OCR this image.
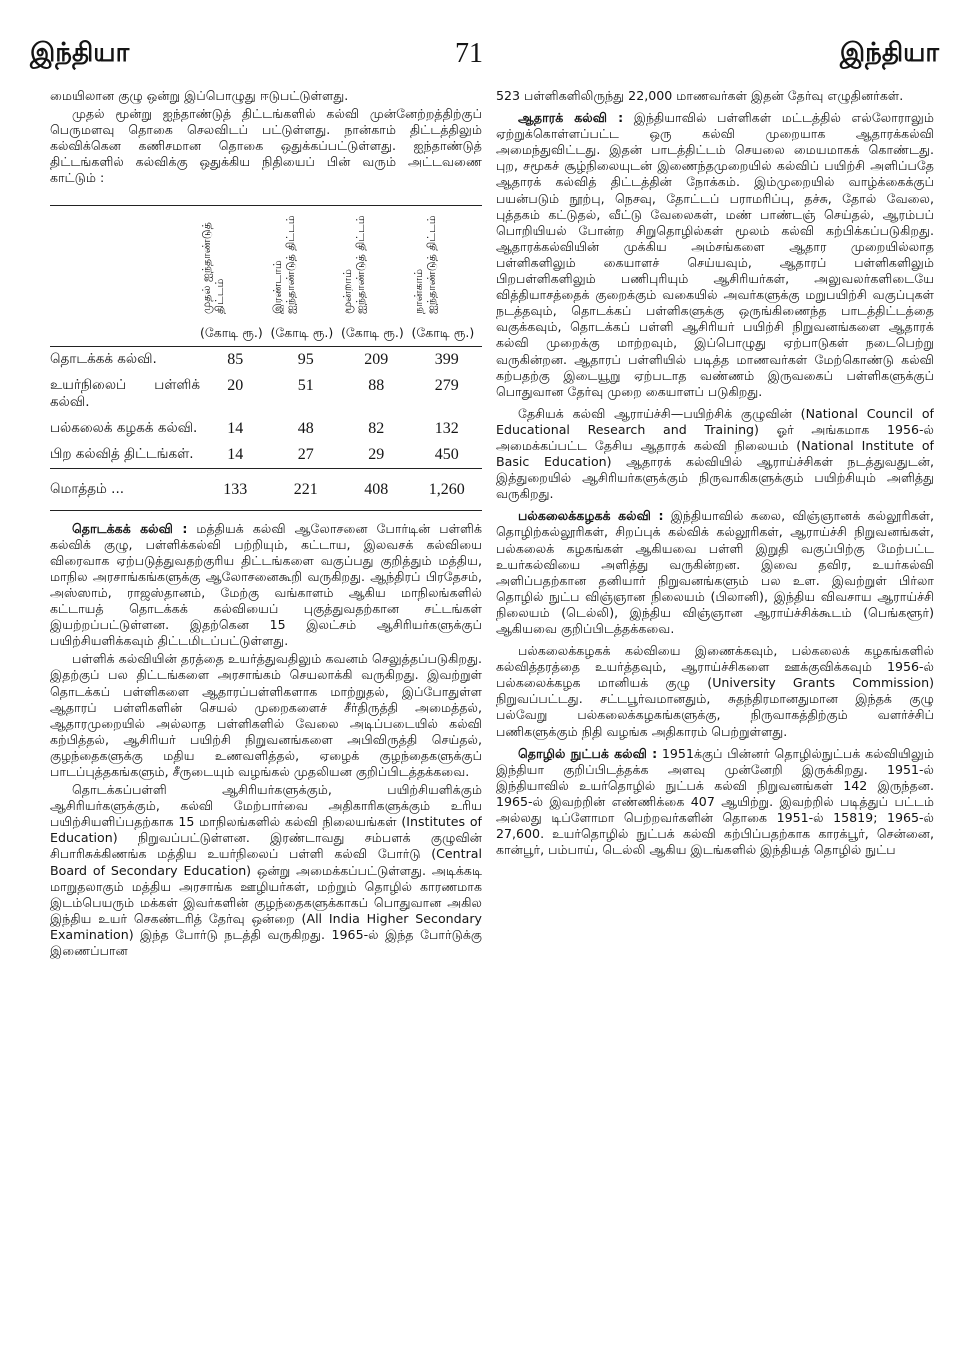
இந்தியா	71	இந்தியா

மையிலான குழு ஒன்று இப்பொழுது ஈடுபட்டுள்ளது.

முதல் மூன்று ஐந்தாண்டுத் திட்டங்களில் கல்வி முன்னேற்றத்திற்குப் பெருமளவு தொகை செலவிடப் பட்டுள்ளது. நான்காம் திட்டத்திலும் கல்விக்கென கணிசமான தொகை ஒதுக்கப்பட்டுள்ளது. ஐந்தாண்டுத் திட்டங்களில் கல்விக்கு ஒதுக்கிய நிதியைப் பின் வரும் அட்டவணை காட்டும் :

	முதல் ஐந்தாண்டுத் திட்டம்	இரண்டாம் ஐந்தாண்டுத் திட்டம்	மூன்றாம் ஐந்தாண்டுத் திட்டம்	நான்காம் ஐந்தாண்டுத் திட்டம்
	(கோடி ரூ.)	(கோடி ரூ.)	(கோடி ரூ.)	(கோடி ரூ.)
தொடக்கக் கல்வி.	85	95	209	399
உயர்நிலைப் பள்ளிக் கல்வி.	20	51	88	279
பல்கலைக் கழகக் கல்வி.	14	48	82	132
பிற கல்வித் திட்டங்கள்.	14	27	29	450
மொத்தம் ...	133	221	408	1,260

தொடக்கக் கல்வி : மத்தியக் கல்வி ஆலோசனை போர்டின் பள்ளிக் கல்விக் குழு, பள்ளிக்கல்வி பற்றியும், கட்டாய, இலவசக் கல்வியை விரைவாக ஏற்படுத்துவதற்குரிய திட்டங்களை வகுப்பது குறித்தும் மத்திய, மாநில அரசாங்கங்களுக்கு ஆலோசனைகூறி வருகிறது. ஆந்திரப் பிரதேசம், அஸ்ஸாம், ராஜஸ்தானம், மேற்கு வங்காளம் ஆகிய மாநிலங்களில் கட்டாயத் தொடக்கக் கல்வியைப் புகுத்துவதற்கான சட்டங்கள் இயற்றப்பட்டுள்ளன. இதற்கென 15 இலட்சம் ஆசிரியர்களுக்குப் பயிற்சியளிக்கவும் திட்டமிடப்பட்டுள்ளது.

பள்ளிக் கல்வியின் தரத்தை உயர்த்துவதிலும் கவனம் செலுத்தப்படுகிறது. இதற்குப் பல திட்டங்களை அரசாங்கம் செயலாக்கி வருகிறது. இவற்றுள் தொடக்கப் பள்ளிகளை ஆதாரப்பள்ளிகளாக மாற்றுதல், இப்போதுள்ள ஆதாரப் பள்ளிகளின் செயல் முறைகளைச் சீர்திருத்தி அமைத்தல், ஆதாரமுறையில் அல்லாத பள்ளிகளில் வேலை அடிப்படையில் கல்வி கற்பித்தல், ஆசிரியர் பயிற்சி நிறுவனங்களை அபிவிருத்தி செய்தல், குழந்தைகளுக்கு மதிய உணவளித்தல், ஏழைக் குழந்தைகளுக்குப் பாடப்புத்தகங்களும், சீருடையும் வழங்கல் முதலியன குறிப்பிடத்தக்கவை.

தொடக்கப்பள்ளி ஆசிரியர்களுக்கும், பயிற்சியளிக்கும் ஆசிரியர்களுக்கும், கல்வி மேற்பார்வை அதிகாரிகளுக்கும் உரிய பயிற்சியளிப்பதற்காக 15 மாநிலங்களில் கல்வி நிலையங்கள் (Institutes of Education) நிறுவப்பட்டுள்ளன. இரண்டாவது சம்பளக் குழுவின் சிபாரிசுக்கிணங்க மத்திய உயர்நிலைப் பள்ளி கல்வி போர்டு (Central Board of Secondary Education) ஒன்று அமைக்கப்பட்டுள்ளது. அடிக்கடி மாறுதலாகும் மத்திய அரசாங்க ஊழியர்கள், மற்றும் தொழில் காரணமாக இடம்பெயரும் மக்கள் இவர்களின் குழந்தைகளுக்காகப் பொதுவான அகில இந்திய உயர் செகண்டரித் தேர்வு ஒன்றை (All India Higher Secondary Examination) இந்த போர்டு நடத்தி வருகிறது. 1965-ல் இந்த போர்டுக்கு இணைப்பான

523 பள்ளிகளிலிருந்து 22,000 மாணவர்கள் இதன் தேர்வு எழுதினர்கள்.

ஆதாரக் கல்வி : இந்தியாவில் பள்ளிகள் மட்டத்தில் எல்லோராலும் ஏற்றுக்கொள்ளப்பட்ட ஒரு கல்வி முறையாக ஆதாரக்கல்வி அமைந்துவிட்டது. இதன் பாடத்திட்டம் செயலை மையமாகக் கொண்டது. புற, சமூகச் சூழ்நிலையுடன் இணைந்தமுறையில் கல்விப் பயிற்சி அளிப்பதே ஆதாரக் கல்வித் திட்டத்தின் நோக்கம். இம்முறையில் வாழ்க்கைக்குப் பயன்படும் நூற்பு, நெசவு, தோட்டப் பராமரிப்பு, தச்சு, தோல் வேலை, புத்தகம் கட்டுதல், வீட்டு வேலைகள், மண் பாண்டஞ் செய்தல், ஆரம்பப் பொறியியல் போன்ற சிறுதொழில்கள் மூலம் கல்வி கற்பிக்கப்படுகிறது. ஆதாரக்கல்வியின் முக்கிய அம்சங்களை ஆதார முறையில்லாத பள்ளிகளிலும் கையாளச் செய்யவும், ஆதாரப் பள்ளிகளிலும் பிறபள்ளிகளிலும் பணிபுரியும் ஆசிரியர்கள், அலுவலர்களிடையே வித்தியாசத்தைக் குறைக்கும் வகையில் அவர்களுக்கு மறுபயிற்சி வகுப்புகள் நடத்தவும், தொடக்கப் பள்ளிகளுக்கு ஒருங்கிணைந்த பாடத்திட்டத்தை வகுக்கவும், தொடக்கப் பள்ளி ஆசிரியர் பயிற்சி நிறுவனங்களை ஆதாரக் கல்வி முறைக்கு மாற்றவும், இப்பொழுது ஏற்பாடுகள் நடைபெற்று வருகின்றன. ஆதாரப் பள்ளியில் படித்த மாணவர்கள் மேற்கொண்டு கல்வி கற்பதற்கு இடையூறு ஏற்படாத வண்ணம் இருவகைப் பள்ளிகளுக்குப் பொதுவான தேர்வு முறை கையாளப் படுகிறது.

தேசியக் கல்வி ஆராய்ச்சி—பயிற்சிக் குழுவின் (National Council of Educational Research and Training) ஓர் அங்கமாக 1956-ல் அமைக்கப்பட்ட தேசிய ஆதாரக் கல்வி நிலையம் (National Institute of Basic Education) ஆதாரக் கல்வியில் ஆராய்ச்சிகள் நடத்துவதுடன், இத்துறையில் ஆசிரியர்களுக்கும் நிருவாகிகளுக்கும் பயிற்சியும் அளித்து வருகிறது.

பல்கலைக்கழகக் கல்வி : இந்தியாவில் கலை, விஞ்ஞானக் கல்லூரிகள், தொழிற்கல்லூரிகள், சிறப்புக் கல்விக் கல்லூரிகள், ஆராய்ச்சி நிறுவனங்கள், பல்கலைக் கழகங்கள் ஆகியவை பள்ளி இறுதி வகுப்பிற்கு மேற்பட்ட உயர்கல்வியை அளித்து வருகின்றன. இவை தவிர, உயர்கல்வி அளிப்பதற்கான தனியார் நிறுவனங்களும் பல உள. இவற்றுள் பிர்லா தொழில் நுட்ப விஞ்ஞான நிலையம் (பிலானி), இந்திய விவசாய ஆராய்ச்சி நிலையம் (டெல்லி), இந்திய விஞ்ஞான ஆராய்ச்சிக்கூடம் (பெங்களூர்) ஆகியவை குறிப்பிடத்தக்கவை.

பல்கலைக்கழகக் கல்வியை இணைக்கவும், பல்கலைக் கழகங்களில் கல்வித்தரத்தை உயர்த்தவும், ஆராய்ச்சிகளை ஊக்குவிக்கவும் 1956-ல் பல்கலைக்கழக மானியக் குழு (University Grants Commission) நிறுவப்பட்டது. சட்டபூர்வமானதும், சுதந்திரமானதுமான இந்தக் குழு பல்வேறு பல்கலைக்கழகங்களுக்கு, நிருவாகத்திற்கும் வளர்ச்சிப் பணிகளுக்கும் நிதி வழங்க அதிகாரம் பெற்றுள்ளது.

தொழில் நுட்பக் கல்வி : 1951க்குப் பின்னர் தொழில்நுட்பக் கல்வியிலும் இந்தியா குறிப்பிடத்தக்க அளவு முன்னேறி இருக்கிறது. 1951-ல் இந்தியாவில் உயர்தொழில் நுட்பக் கல்வி நிறுவனங்கள் 142 இருந்தன. 1965-ல் இவற்றின் எண்ணிக்கை 407 ஆயிற்று. இவற்றில் படித்துப் பட்டம் அல்லது டிப்ளோமா பெற்றவர்களின் தொகை 1951-ல் 15819; 1965-ல் 27,600. உயர்தொழில் நுட்பக் கல்வி கற்பிப்பதற்காக காரக்பூர், சென்னை, கான்பூர், பம்பாய், டெல்லி ஆகிய இடங்களில் இந்தியத் தொழில் நுட்ப
